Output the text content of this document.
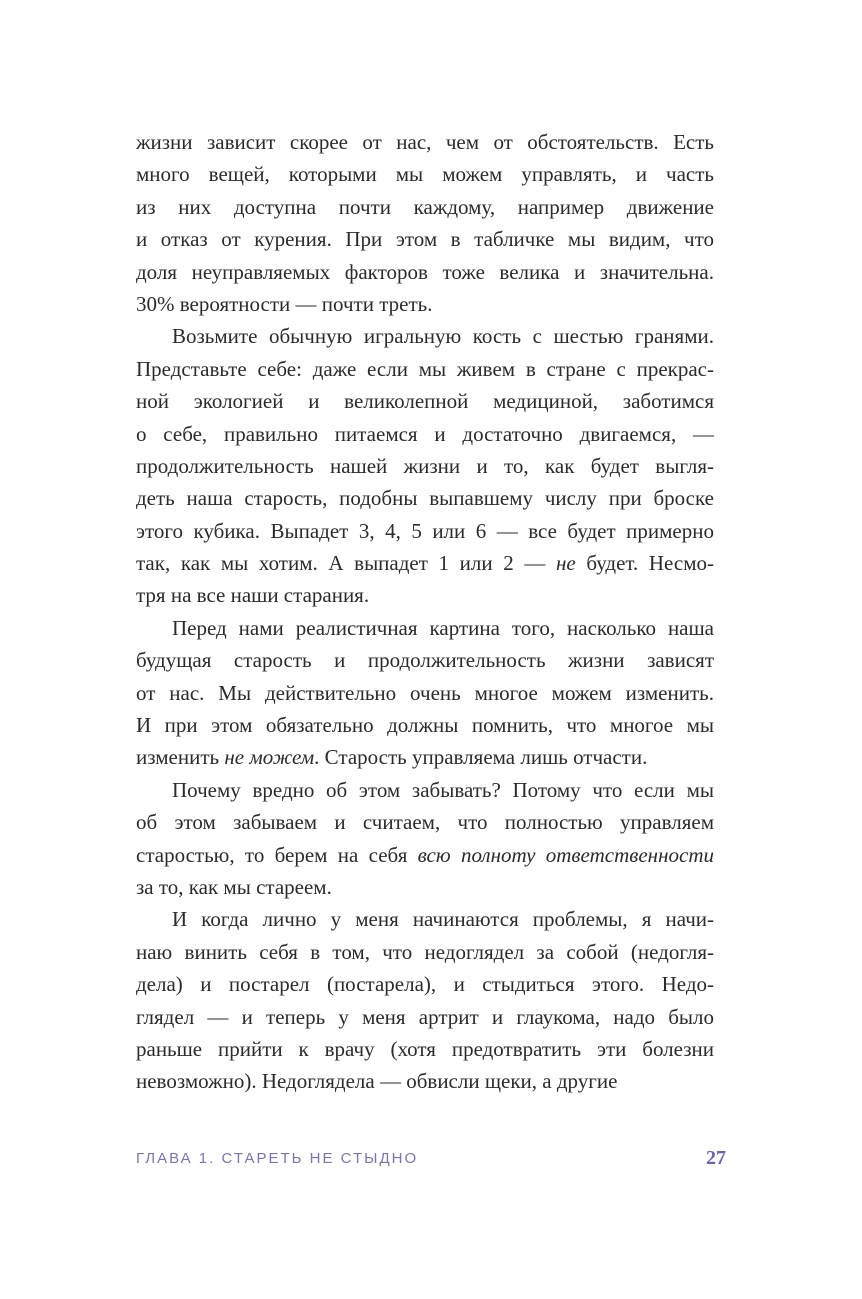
жизни зависит скорее от нас, чем от обстоятельств. Есть
много вещей, которыми мы можем управлять, и часть
из них доступна почти каждому, например движение
и отказ от курения. При этом в табличке мы видим, что
доля неуправляемых факторов тоже велика и значительна.
30% вероятности — почти треть.
Возьмите обычную игральную кость с шестью гранями.
Представьте себе: даже если мы живем в стране с прекрас-
ной экологией и великолепной медициной, заботимся
о себе, правильно питаемся и достаточно двигаемся, —
продолжительность нашей жизни и то, как будет выгля-
деть наша старость, подобны выпавшему числу при броске
этого кубика. Выпадет 3, 4, 5 или 6 — все будет примерно
так, как мы хотим. А выпадет 1 или 2 — не будет. Несмо-
тря на все наши старания.
Перед нами реалистичная картина того, насколько наша
будущая старость и продолжительность жизни зависят
от нас. Мы действительно очень многое можем изменить.
И при этом обязательно должны помнить, что многое мы
изменить не можем. Старость управляема лишь отчасти.
Почему вредно об этом забывать? Потому что если мы
об этом забываем и считаем, что полностью управляем
старостью, то берем на себя всю полноту ответственности
за то, как мы стареем.
И когда лично у меня начинаются проблемы, я начи-
наю винить себя в том, что недоглядел за собой (недогля-
дела) и постарел (постарела), и стыдиться этого. Недо-
глядел — и теперь у меня артрит и глаукома, надо было
раньше прийти к врачу (хотя предотвратить эти болезни
невозможно). Недоглядела — обвисли щеки, а другие
ГЛАВА 1. СТАРЕТЬ НЕ СТЫДНО	27
